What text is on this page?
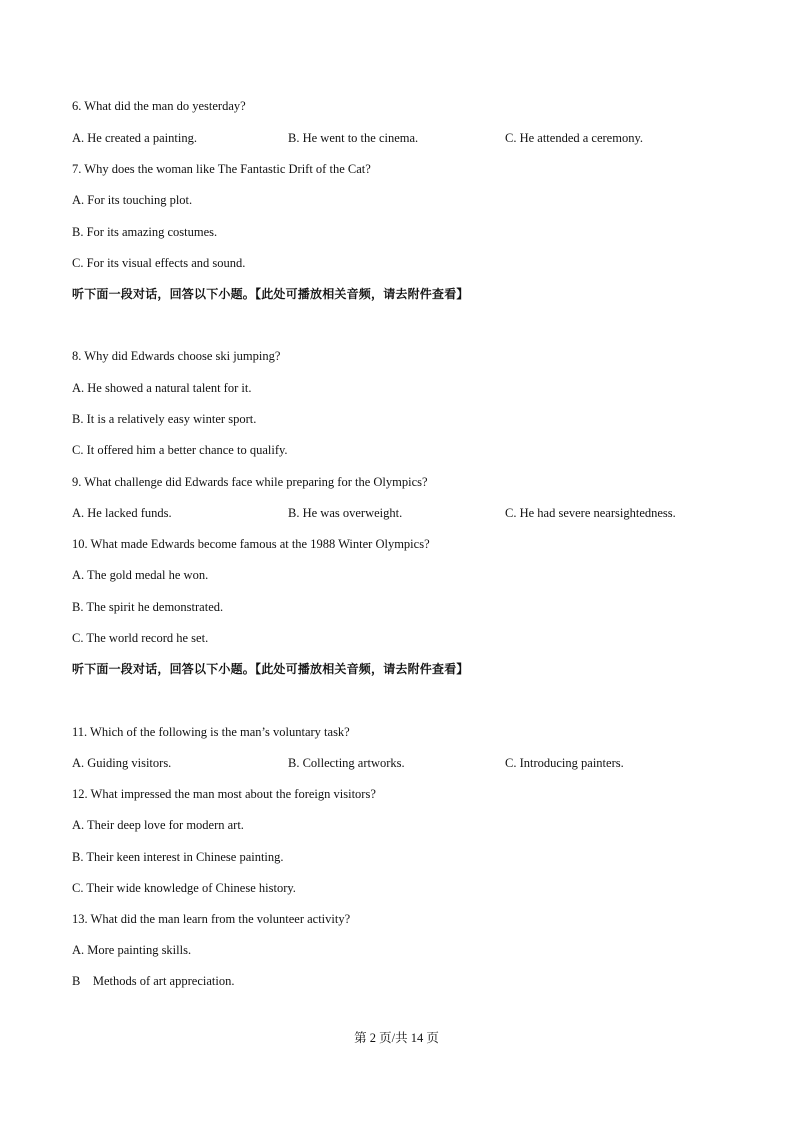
6. What did the man do yesterday?
A. He created a painting.	B. He went to the cinema.	C. He attended a ceremony.
7. Why does the woman like The Fantastic Drift of the Cat?
A. For its touching plot.
B. For its amazing costumes.
C. For its visual effects and sound.
听下面一段对话，回答以下小题。【此处可播放相关音频，请去附件查看】
8. Why did Edwards choose ski jumping?
A. He showed a natural talent for it.
B. It is a relatively easy winter sport.
C. It offered him a better chance to qualify.
9. What challenge did Edwards face while preparing for the Olympics?
A. He lacked funds.	B. He was overweight.	C. He had severe nearsightedness.
10. What made Edwards become famous at the 1988 Winter Olympics?
A. The gold medal he won.
B. The spirit he demonstrated.
C. The world record he set.
听下面一段对话，回答以下小题。【此处可播放相关音频，请去附件查看】
11. Which of the following is the man’s voluntary task?
A. Guiding visitors.	B. Collecting artworks.	C. Introducing painters.
12. What impressed the man most about the foreign visitors?
A. Their deep love for modern art.
B. Their keen interest in Chinese painting.
C. Their wide knowledge of Chinese history.
13. What did the man learn from the volunteer activity?
A. More painting skills.
B    Methods of art appreciation.
第 2 页/共 14 页
